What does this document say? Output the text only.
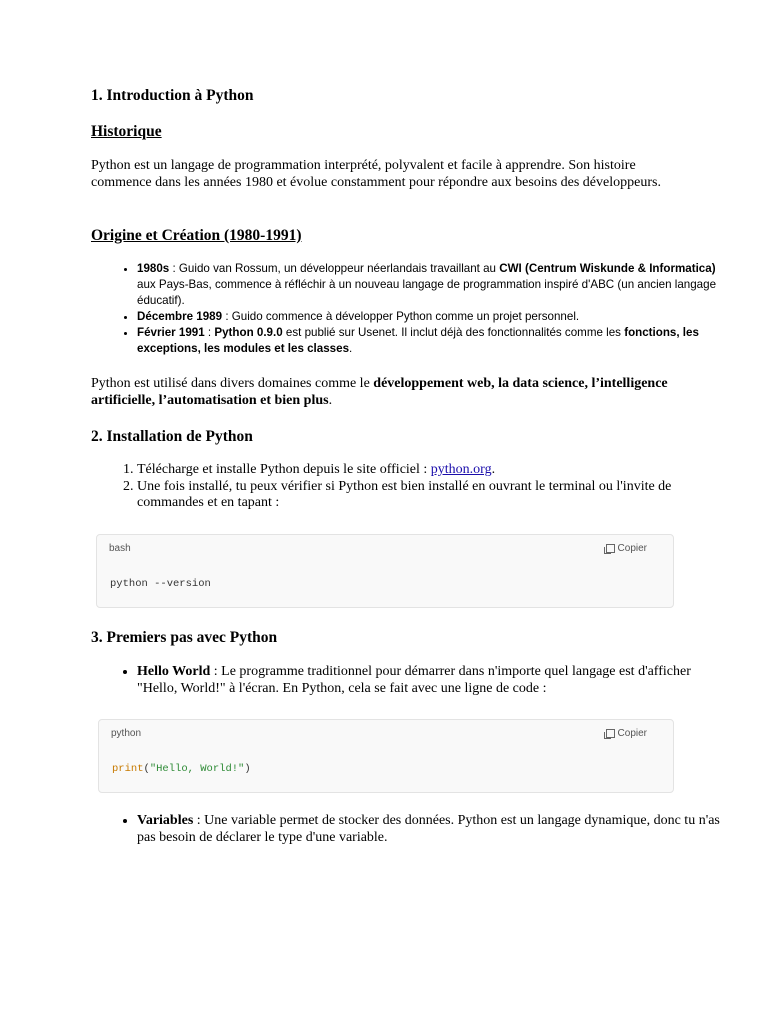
1. Introduction à Python
Historique

Python est un langage de programmation interprété, polyvalent et facile à apprendre. Son histoire commence dans les années 1980 et évolue constamment pour répondre aux besoins des développeurs.

Origine et Création (1980-1991)
• 1980s : Guido van Rossum, un développeur néerlandais travaillant au CWI (Centrum Wiskunde & Informatica) aux Pays-Bas, commence à réfléchir à un nouveau langage de programmation inspiré d'ABC (un ancien langage éducatif).
• Décembre 1989 : Guido commence à développer Python comme un projet personnel.
• Février 1991 : Python 0.9.0 est publié sur Usenet. Il inclut déjà des fonctionnalités comme les fonctions, les exceptions, les modules et les classes.

Python est utilisé dans divers domaines comme le développement web, la data science, l’intelligence artificielle, l’automatisation et bien plus.

2. Installation de Python
1. Télécharge et installe Python depuis le site officiel : python.org.
2. Une fois installé, tu peux vérifier si Python est bien installé en ouvrant le terminal ou l'invite de commandes et en tapant :
bash	Copier
python --version
3. Premiers pas avec Python
• Hello World : Le programme traditionnel pour démarrer dans n'importe quel langage est d'afficher "Hello, World!" à l'écran. En Python, cela se fait avec une ligne de code :
python	Copier
print("Hello, World!")
• Variables : Une variable permet de stocker des données. Python est un langage dynamique, donc tu n'as pas besoin de déclarer le type d'une variable.
